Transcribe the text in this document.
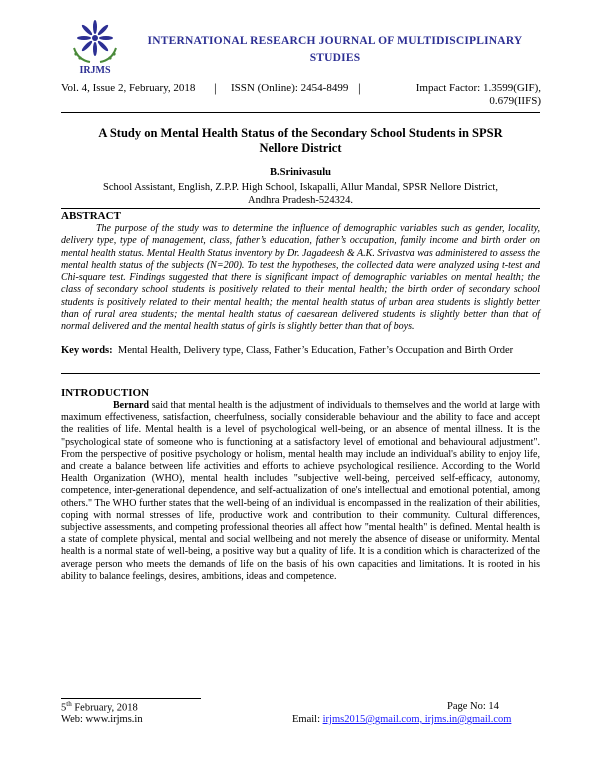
IRJMS
INTERNATIONAL RESEARCH JOURNAL OF MULTIDISCIPLINARY
STUDIES
Vol. 4, Issue 2, February, 2018 | ISSN (Online): 2454-8499 |	Impact Factor: 1.3599(GIF),
0.679(IIFS)
A Study on Mental Health Status of the Secondary School Students in SPSR
Nellore District
B.Srinivasulu
School Assistant, English, Z.P.P. High School, Iskapalli, Allur Mandal, SPSR Nellore District,
Andhra Pradesh-524324.
ABSTRACT
The purpose of the study was to determine the influence of demographic variables such as gender, locality, delivery type, type of management, class, father’s education, father’s occupation, family income and birth order on mental health status. Mental Health Status inventory by Dr. Jagadeesh & A.K. Srivastva was administered to assess the mental health status of the subjects (N=200). To test the hypotheses, the collected data were analyzed using t-test and Chi-square test. Findings suggested that there is significant impact of demographic variables on mental health; the class of secondary school students is positively related to their mental health; the birth order of secondary school students is positively related to their mental health; the mental health status of urban area students is slightly better than of rural area students; the mental health status of caesarean delivered students is slightly better than that of normal delivered and the mental health status of girls is slightly better than that of boys.
Key words: Mental Health, Delivery type, Class, Father’s Education, Father’s Occupation and Birth Order
INTRODUCTION
Bernard said that mental health is the adjustment of individuals to themselves and the world at large with maximum effectiveness, satisfaction, cheerfulness, socially considerable behaviour and the ability to face and accept the realities of life. Mental health is a level of psychological well-being, or an absence of mental illness. It is the "psychological state of someone who is functioning at a satisfactory level of emotional and behavioural adjustment". From the perspective of positive psychology or holism, mental health may include an individual's ability to enjoy life, and create a balance between life activities and efforts to achieve psychological resilience. According to the World Health Organization (WHO), mental health includes "subjective well-being, perceived self-efficacy, autonomy, competence, inter-generational dependence, and self-actualization of one's intellectual and emotional potential, among others." The WHO further states that the well-being of an individual is encompassed in the realization of their abilities, coping with normal stresses of life, productive work and contribution to their community. Cultural differences, subjective assessments, and competing professional theories all affect how "mental health" is defined. Mental health is a state of complete physical, mental and social wellbeing and not merely the absence of disease or uniformity. Mental health is a normal state of well-being, a positive way but a quality of life. It is a condition which is characterized of the average person who meets the demands of life on the basis of his own capacities and limitations. It is rooted in his ability to balance feelings, desires, ambitions, ideas and competence.
5th February, 2018	Page No: 14
Web: www.irjms.in	Email: irjms2015@gmail.com, irjms.in@gmail.com
